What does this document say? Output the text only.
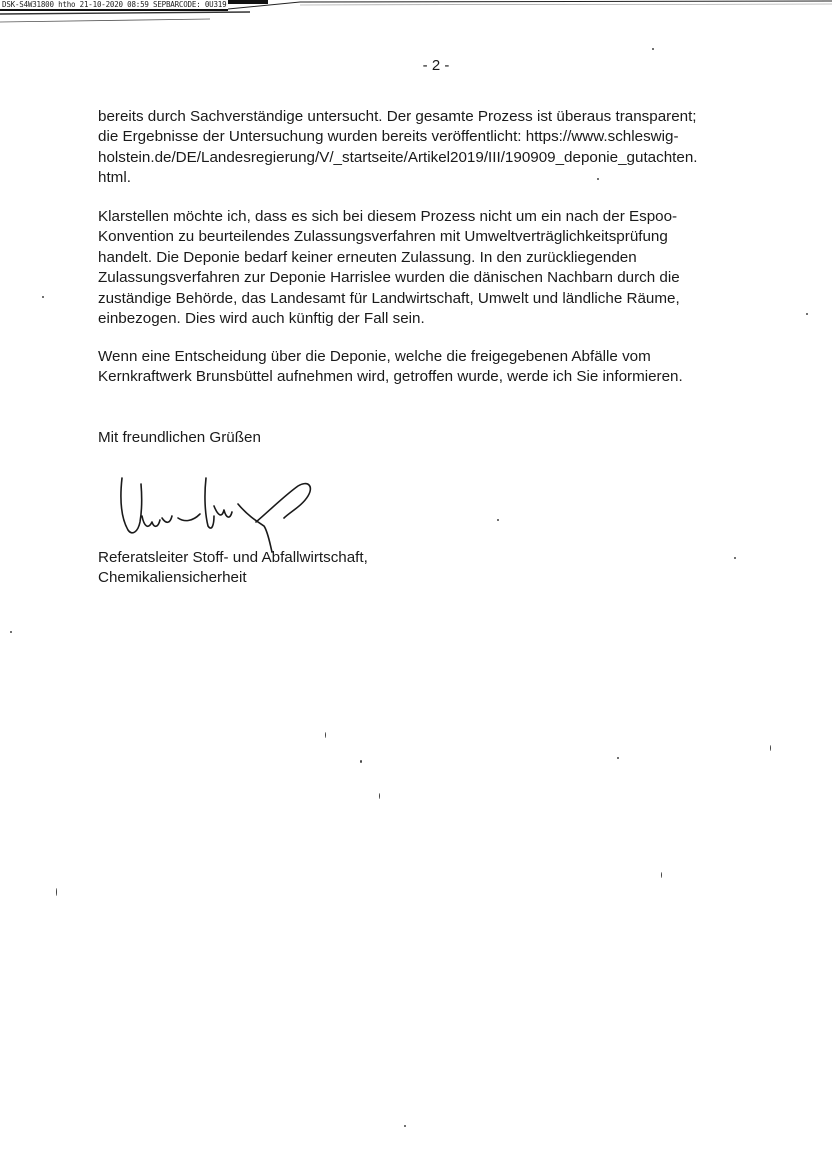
DSK-S4W31800 htho 21-10-2020 08:59 SEPBARCODE: 0U319
- 2 -

bereits durch Sachverständige untersucht. Der gesamte Prozess ist überaus transparent;
die Ergebnisse der Untersuchung wurden bereits veröffentlicht: https://www.schleswig-
holstein.de/DE/Landesregierung/V/_startseite/Artikel2019/III/190909_deponie_gutachten.
html.

Klarstellen möchte ich, dass es sich bei diesem Prozess nicht um ein nach der Espoo-
Konvention zu beurteilendes Zulassungsverfahren mit Umweltverträglichkeitsprüfung
handelt. Die Deponie bedarf keiner erneuten Zulassung. In den zurückliegenden
Zulassungsverfahren zur Deponie Harrislee wurden die dänischen Nachbarn durch die
zuständige Behörde, das Landesamt für Landwirtschaft, Umwelt und ländliche Räume,
einbezogen. Dies wird auch künftig der Fall sein.

Wenn eine Entscheidung über die Deponie, welche die freigegebenen Abfälle vom
Kernkraftwerk Brunsbüttel aufnehmen wird, getroffen wurde, werde ich Sie informieren.

Mit freundlichen Grüßen

Referatsleiter Stoff- und Abfallwirtschaft,
Chemikaliensicherheit
